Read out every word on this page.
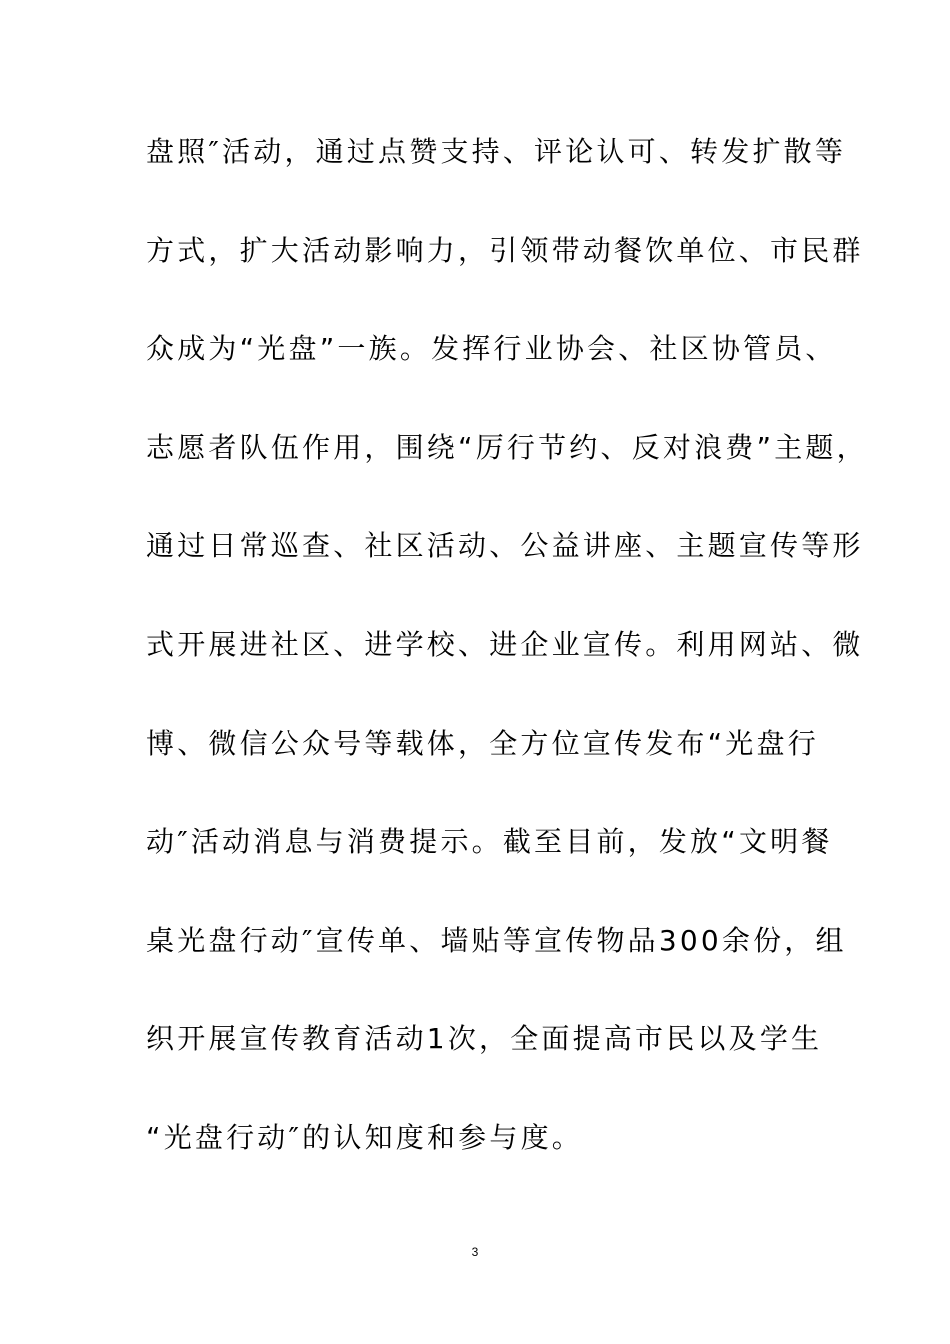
盘照″活动，通过点赞支持、评论认可、转发扩散等
方式，扩大活动影响力，引领带动餐饮单位、市民群
众成为“光盘”一族。发挥行业协会、社区协管员、
志愿者队伍作用，围绕“厉行节约、反对浪费”主题，
通过日常巡查、社区活动、公益讲座、主题宣传等形
式开展进社区、进学校、进企业宣传。利用网站、微
博、微信公众号等载体，全方位宣传发布“光盘行
动″活动消息与消费提示。截至目前，发放“文明餐
桌光盘行动″宣传单、墙贴等宣传物品300余份，组
织开展宣传教育活动1次，全面提高市民以及学生
“光盘行动″的认知度和参与度。
3
